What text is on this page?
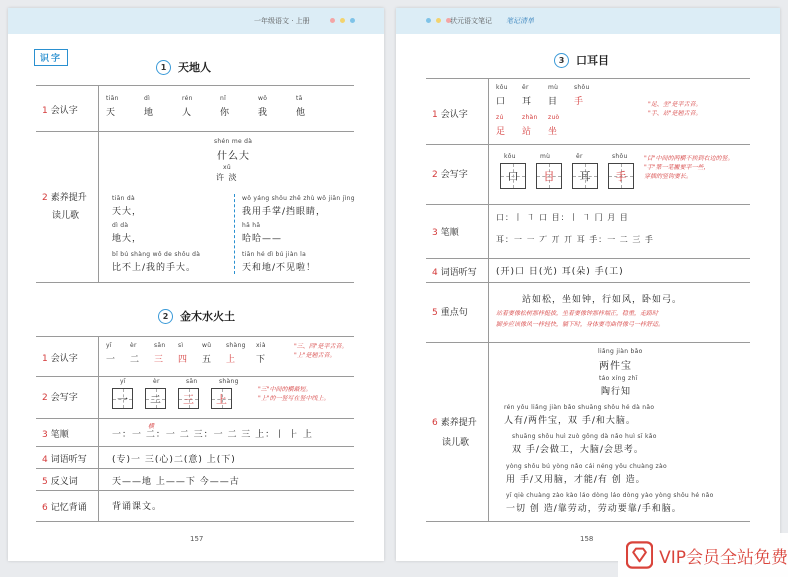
一年级语文 · 上册
识字
1	天地人
1 会认字
tiān	dì	rén	nǐ	wǒ	tā
天	地	人	你	我	他
2 素养提升
读儿歌
shén me dà
什么大
xǔ
许 淡
tiān dà
天大，
dì dà
地大，
bǐ bú shàng wǒ de shǒu dà
比不上/我的手大。
wǒ yáng shǒu zhē zhù wǒ jiān jìng
我用手掌/挡眼睛，
hā hā
哈哈——
tiān hé dì bú jiàn la
天和地/不见啦！
2	金木水火土
1 会认字
yī	èr	sān sì	wǔ shàng xià
一 二 三 四 五 上 下
"三、四"是平舌音。
"上"是翘舌音。
2 会写字
yī	èr	sān	shàng
一	二	三	上
"三"中间的横最短。
"上"的一竖写在竖中线上。
3 笔顺	一：一 二：一 二 三：一 二 三 上：丨 ⺊ 上
横
4 词语听写	(专)一 三(心)二(意) 上(下)
5 反义词	天——地 上——下 今——古
6 记忆背诵	背诵课文。
157
状元语文笔记 笔记清单
3	口耳目
1 会认字
kǒu ěr	mù	shǒu
口 耳 目 手
zú	zhàn zuò
足 站 坐
"足、坐"是平舌音。
"手、站"是翘舌音。
2 会写字
kǒu	mù	ěr	shǒu
口	目	耳	手
"目"中间的两横不挨到右边的竖。
"手"第一笔撇要平一些，
穿插的竖钩要长。
3 笔顺
口：丨 ㇕ 口 目：丨 ㇕ 冂 月 目
耳：一 ㇐ 丆 丌 丌 耳 手：一 二 三 手
4 词语听写 (开)口 日(光) 耳(朵) 手(工)
5 重点句
站如松，坐如钟，行如风，卧如弓。
站着要像松树那样挺拔，坐着要像钟那样端正，稳重，走路时
脚步应该像风一样轻快，躺下时，身体要弯曲得像弓一样舒适。
6 素养提升
读儿歌
liǎng jiàn bǎo
两件宝
táo xíng zhī
陶行知
rén yǒu liǎng jiàn bǎo shuāng shǒu hé dà nǎo
人有/两件宝，双 手/和大脑。
shuāng shǒu huì zuò gōng dà nǎo huì sī kǎo
双 手/会做工，大脑/会思考。
yòng shǒu bú yòng nǎo cái néng yǒu chuàng zào
用 手/又用脑，才能/有 创 造。
yī qiè chuàng zào kào láo dòng láo dòng yào yòng shǒu hé nǎo
一切 创 造/靠劳动，劳动要靠/手和脑。
158
VIP会员全站免费
